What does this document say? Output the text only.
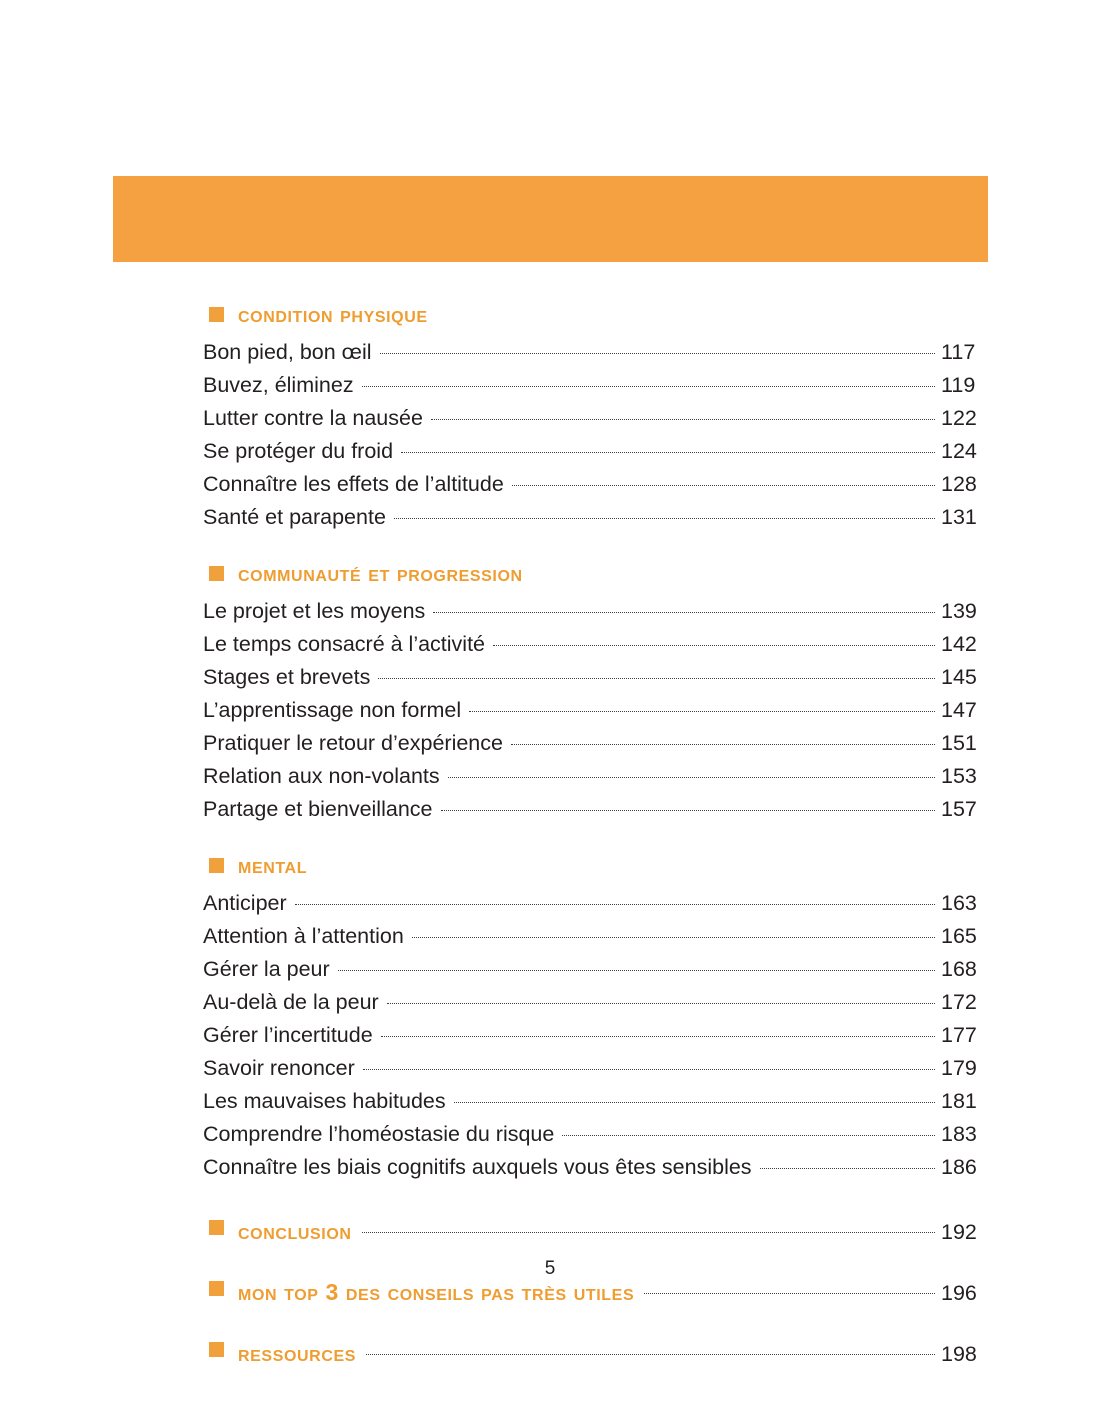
condition physique
Bon pied, bon œil	117
Buvez, éliminez	119
Lutter contre la nausée	122
Se protéger du froid	124
Connaître les effets de l’altitude	128
Santé et parapente	131
communauté et progression
Le projet et les moyens	139
Le temps consacré à l’activité	142
Stages et brevets	145
L’apprentissage non formel	147
Pratiquer le retour d’expérience	151
Relation aux non-volants	153
Partage et bienveillance	157
mental
Anticiper	163
Attention à l’attention	165
Gérer la peur	168
Au-delà de la peur	172
Gérer l’incertitude	177
Savoir renoncer	179
Les mauvaises habitudes	181
Comprendre l’homéostasie du risque	183
Connaître les biais cognitifs auxquels vous êtes sensibles	186
conclusion	192
mon top 3 des conseils pas très utiles	196
ressources	198
5
